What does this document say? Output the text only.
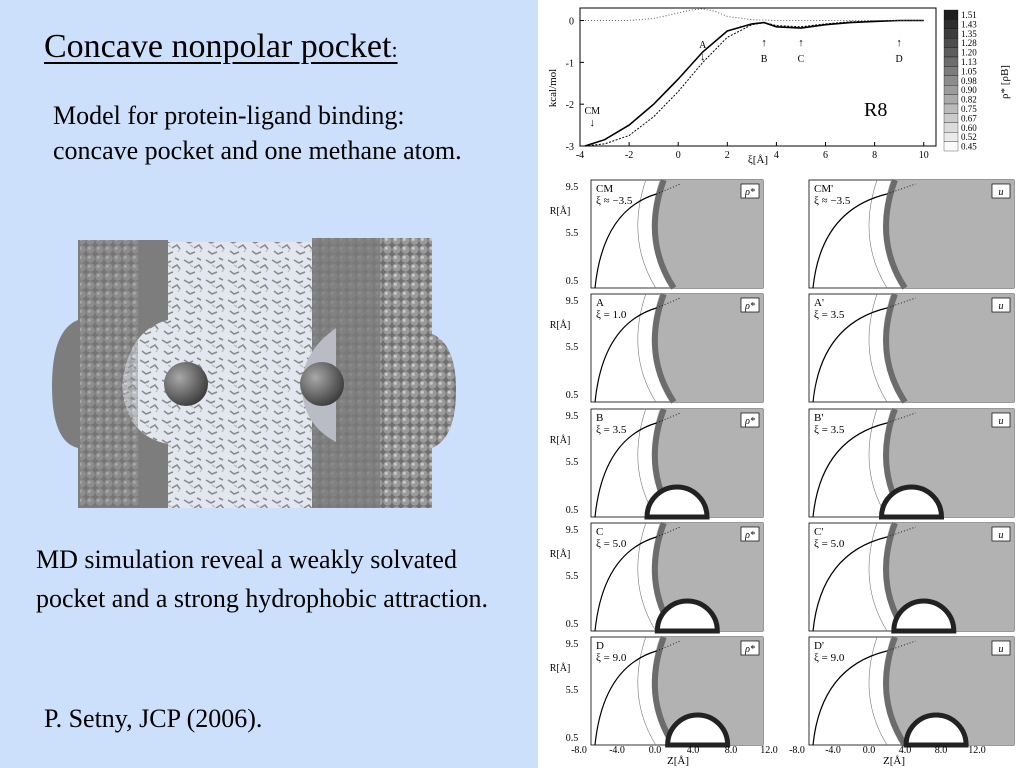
Concave nonpolar pocket:
Model for protein-ligand binding: concave pocket and one methane atom.
MD simulation reveal a weakly solvated pocket and a strong hydrophobic attraction.
P. Setny, JCP (2006).
kcal/mol
0
-1
-2
-3
-4	-2	0	2	4	6	8	10
ξ[Å]
CM
↓
A
↓
↑
B
↑
C
↑
D
R8
1.51
1.43
1.35
1.28
1.20
1.13
1.05
0.98
0.90
0.82
0.75
0.67
0.60
0.52
0.45
ρ* [ρB]
CM
ξ ≈ −3.5
ρ*	CM'
ξ ≈ −3.5
u
9.5
5.5
0.5
R[Å]
A
ξ = 1.0
ρ*	A'
ξ = 3.5
u
9.5
5.5
0.5
R[Å]
B
ξ = 3.5
ρ*	B'
ξ = 3.5
u
9.5
5.5
0.5
R[Å]
C
ξ = 5.0
ρ*	C'
ξ = 5.0
u
9.5
5.5
0.5
R[Å]
D
ξ = 9.0
ρ*	D'
ξ = 9.0
u
9.5
5.5
0.5
R[Å]
-8.0 -4.0 0.0	4.0	8.0 12.0 -8.0 -4.0 0.0 4.0 8.0 12.0
Z[Å]	Z[Å]
